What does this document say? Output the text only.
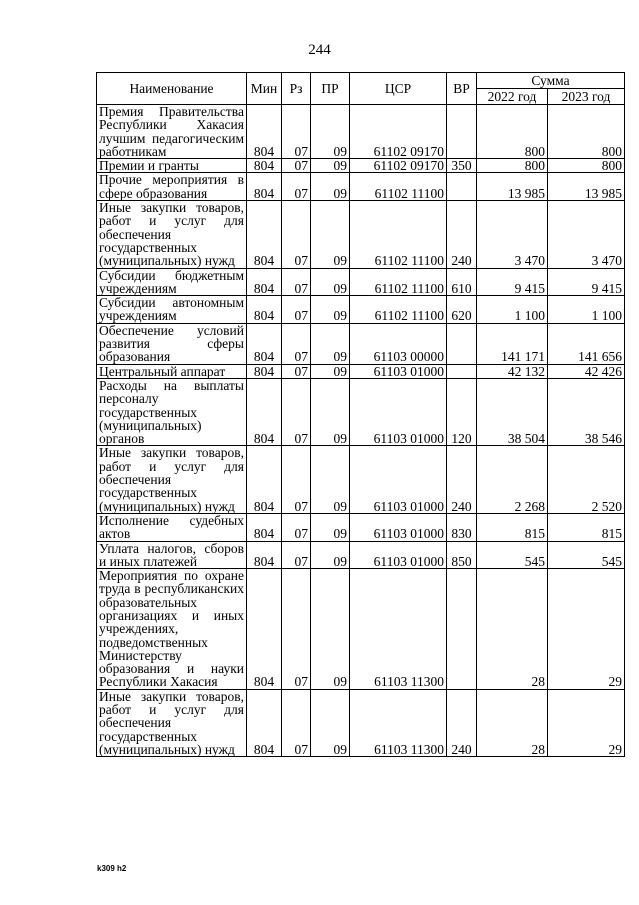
244
Наименование	Мин	Рз	ПР	ЦСР	ВР	Сумма	
						2022 год	2023 год
Премия Правительства Республики Хакасия лучшим педагогическим работникам	804	07	09	61102 09170		800	800
Премии и гранты	804	07	09	61102 09170	350	800	800
Прочие мероприятия в сфере образования	804	07	09	61102 11100		13 985	13 985
Иные закупки товаров, работ и услуг для обеспечения государственных (муниципальных) нужд	804	07	09	61102 11100	240	3 470	3 470
Субсидии бюджетным учреждениям	804	07	09	61102 11100	610	9 415	9 415
Субсидии автономным учреждениям	804	07	09	61102 11100	620	1 100	1 100
Обеспечение условий развития сферы образования	804	07	09	61103 00000		141 171	141 656
Центральный аппарат	804	07	09	61103 01000		42 132	42 426
Расходы на выплаты персоналу государственных (муниципальных) органов	804	07	09	61103 01000	120	38 504	38 546
Иные закупки товаров, работ и услуг для обеспечения государственных (муниципальных) нужд	804	07	09	61103 01000	240	2 268	2 520
Исполнение судебных актов	804	07	09	61103 01000	830	815	815
Уплата налогов, сборов и иных платежей	804	07	09	61103 01000	850	545	545
Мероприятия по охране труда в республиканских образовательных организациях и иных учреждениях, подведомственных Министерству образования и науки Республики Хакасия	804	07	09	61103 11300		28	29
Иные закупки товаров, работ и услуг для обеспечения государственных (муниципальных) нужд	804	07	09	61103 11300	240	28	29
k309 h2
